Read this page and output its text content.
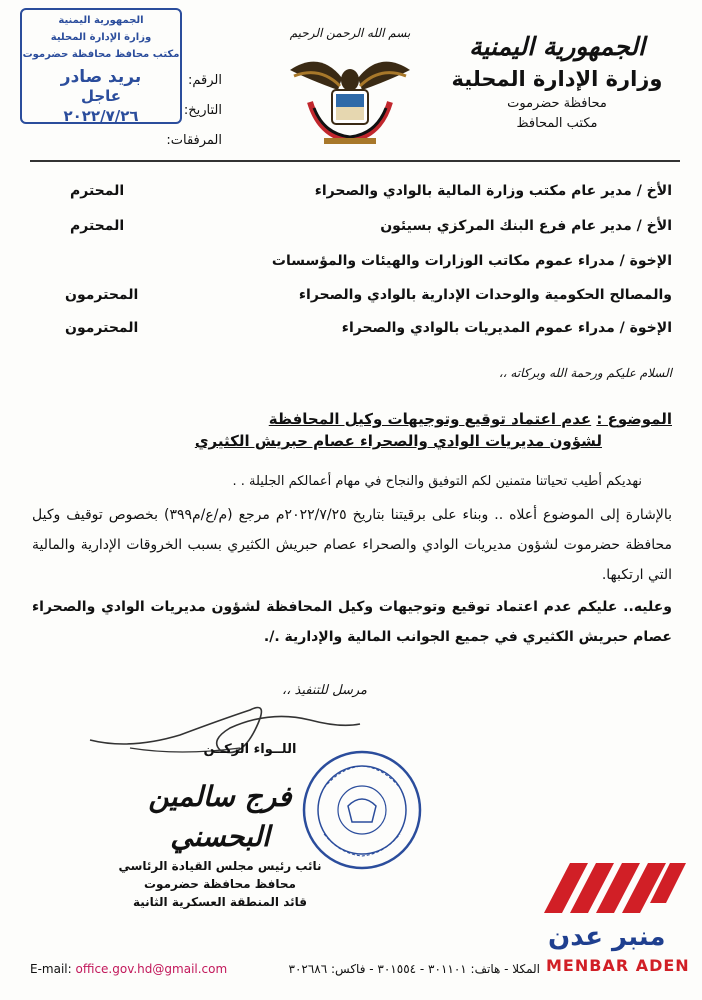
الجمهورية اليمنية
وزارة الإدارة المحلية
محافظة حضرموت
مكتب المحافظ
بسم الله الرحمن الرحيم
الجمهورية اليمنية
وزارة الإدارة المحلية
مكتب محافظ محافظة حضرموت
بريد صادر
عاجل
٢٠٢٢/٧/٢٦
الرقم:
التاريخ:
المرفقات:
الأخ / مدير عام مكتب وزارة المالية بالوادي والصحراء
المحترم
الأخ / مدير عام فرع البنك المركزي بسيئون
المحترم
الإخوة / مدراء عموم مكاتب الوزارات والهيئات والمؤسسات
والمصالح الحكومية والوحدات الإدارية بالوادي والصحراء
المحترمون
الإخوة / مدراء عموم المديريات بالوادي والصحراء
المحترمون
السلام عليكم ورحمة الله وبركاته ،،
الموضوع : عدم اعتماد توقيع وتوجيهات وكيل المحافظة
لشؤون مديريات الوادي والصحراء عصام حبريش الكثيري
نهديكم أطيب تحياتنا متمنين لكم التوفيق والنجاح في مهام أعمالكم الجليلة . .
بالإشارة إلى الموضوع أعلاه .. وبناء على برقيتنا بتاريخ ٢٠٢٢/٧/٢٥م مرجع (م/ع/م٣٩٩) بخصوص توقيف وكيل محافظة حضرموت لشؤون مديريات الوادي والصحراء عصام حبريش الكثيري بسبب الخروقات الإدارية والمالية التي ارتكبها.
وعليه.. عليكم عدم اعتماد توقيع وتوجيهات وكيل المحافظة لشؤون مديريات الوادي والصحراء عصام حبريش الكثيري في جميع الجوانب المالية والإدارية ./.
مرسل للتنفيذ ،،
اللــواء الركــن
فرج سالمين البحسني
نائب رئيس مجلس القيادة الرئاسي
محافظ محافظة حضرموت
قائد المنطقة العسكرية الثانية
منبر عدن
MENBAR ADEN
E-mail: office.gov.hd@gmail.com	المكلا - هاتف: ٣٠١١٠١ - ٣٠١٥٥٤ - فاكس: ٣٠٢٦٨٦
